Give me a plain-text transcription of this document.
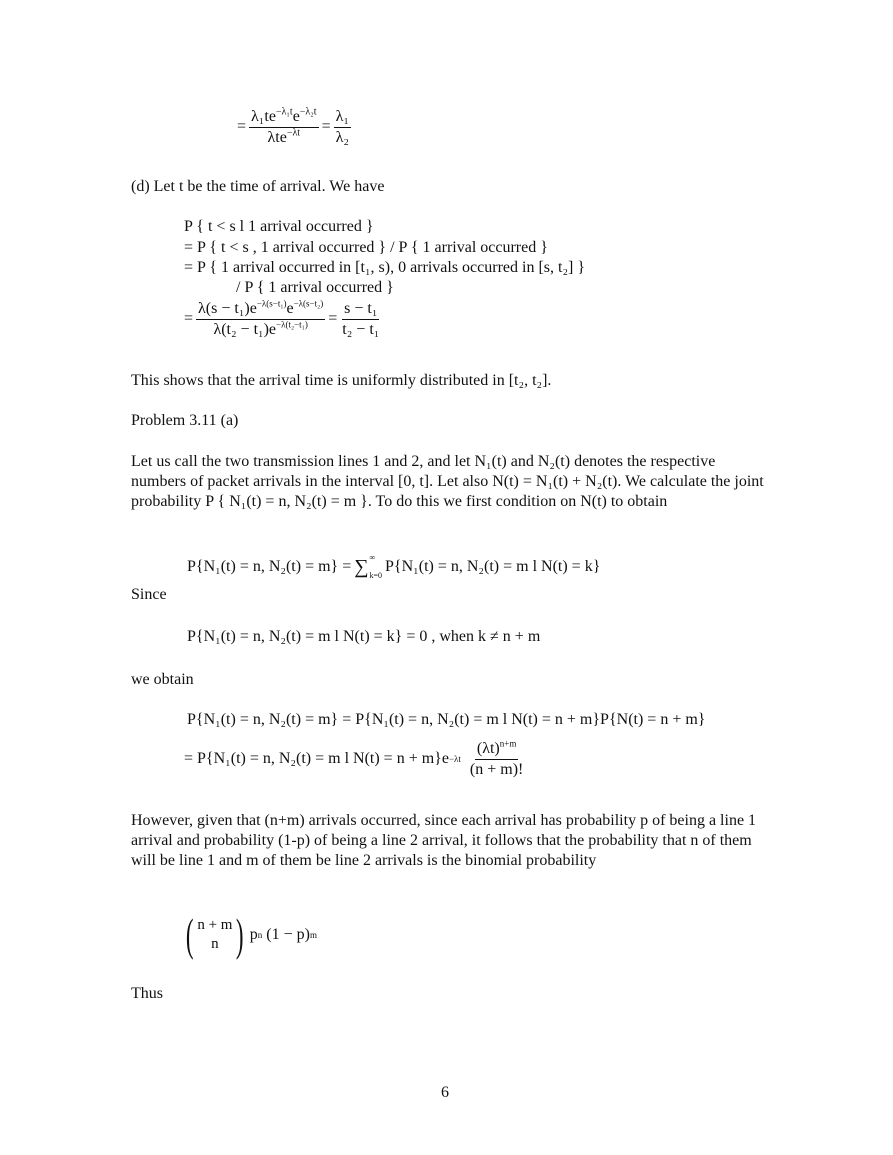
= $\frac{\lambda_1te^{-\lambda_1t}e^{-\lambda_2t}}{\lambda te^{-\lambda t}} = \frac{\text{λ₁}}{\text{λ₂}}$
(d) Let t be the time of arrival. We have
P { t < s l 1 arrival occurred }
= P { t < s , 1 arrival occurred } / P { 1 arrival occurred }
= P { 1 arrival occurred in [t₁, s), 0 arrivals occurred in [s, t₂] }
/ P { 1 arrival occurred }
= $\frac{\lambda(s - t_1)e^{-\lambda(s-t_1)}e^{-\lambda(s-t_2)}}{\lambda(t_2 - t_1)e^{-\lambda(t_2-t_1)}} = \frac{\text{s − t₁}}{\text{t₂ − t₁}}$
This shows that the arrival time is uniformly distributed in [t₂, t₂].
Problem 3.11 (a)
Let us call the two transmission lines 1 and 2, and let N₁(t) and N₂(t) denotes the respective numbers of packet arrivals in the interval [0, t]. Let also N(t) = N₁(t) + N₂(t). We calculate the joint probability P { N₁(t) = n, N₂(t) = m }. To do this we first condition on N(t) to obtain
P{N₁(t) = n, N₂(t) = m} = ∑ ∞
k=0
P{N₁(t) = n, N₂(t) = m l N(t) = k}
Since
P{N₁(t) = n, N₂(t) = m l N(t) = k} = 0 , when k ≠ n + m
we obtain
P{N₁(t) = n, N₂(t) = m} = P{N₁(t) = n, N₂(t) = m l N(t) = n + m}P{N(t) = n + m}
= P{N₁(t) = n, N₂(t) = m l $N(t) = n + m\}e -\lambda t \frac{(\lambda t)^{n+m}}{(n + m)!}$
However, given that (n+m) arrivals occurred, since each arrival has probability p of being a line 1 arrival and probability (1-p) of being a line 2 arrival, it follows that the probability that n of them will be line 1 and m of them be line 2 arrivals is the binomial probability
( n + m
n ) p n (1 − p) m
Thus
6
